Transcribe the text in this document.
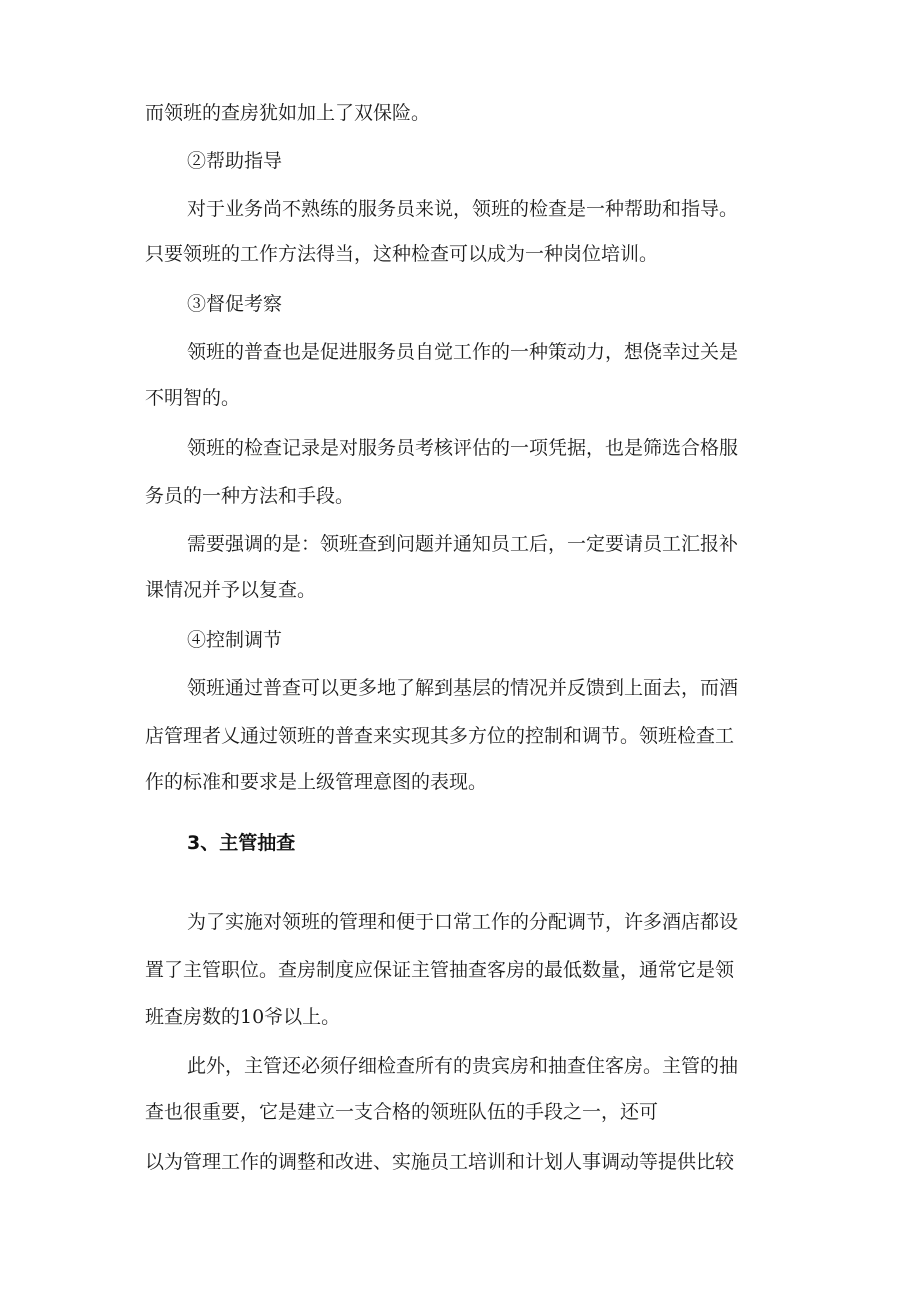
而领班的查房犹如加上了双保险。

②帮助指导

对于业务尚不熟练的服务员来说，领班的检查是一种帮助和指导。

只要领班的工作方法得当，这种检查可以成为一种岗位培训。

③督促考察

领班的普查也是促进服务员自觉工作的一种策动力，想侥幸过关是

不明智的。

领班的检查记录是对服务员考核评估的一项凭据，也是筛选合格服

务员的一种方法和手段。

需要强调的是：领班查到问题并通知员工后，一定要请员工汇报补

课情况并予以复查。

④控制调节

领班通过普查可以更多地了解到基层的情况并反馈到上面去，而酒

店管理者乂通过领班的普查来实现其多方位的控制和调节。领班检查工

作的标准和要求是上级管理意图的表现。

3、主管抽查

为了实施对领班的管理和便于口常工作的分配调节，许多酒店都设

置了主管职位。查房制度应保证主管抽查客房的最低数量，通常它是领

班查房数的10爷以上。

此外，主管还必须仔细检查所有的贵宾房和抽查住客房。主管的抽

查也很重要，它是建立一支合格的领班队伍的手段之一，还可

以为管理工作的调整和改进、实施员工培训和计划人事调动等提供比较
